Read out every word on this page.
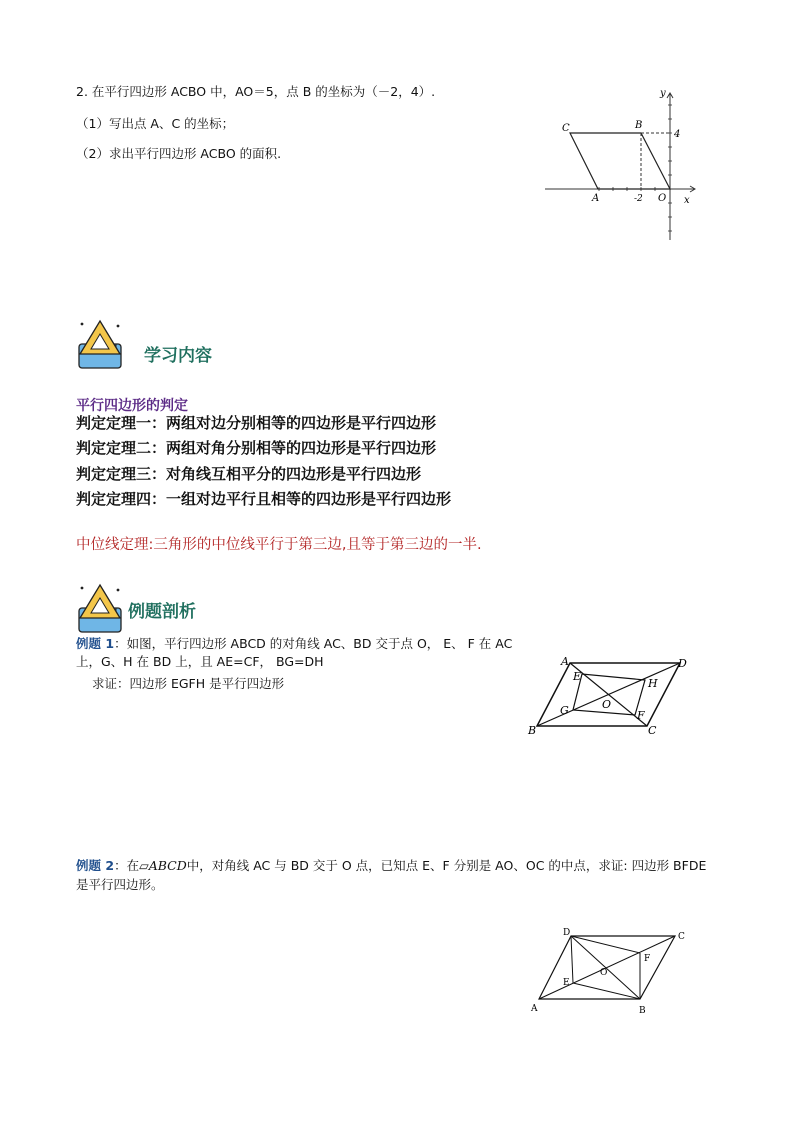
2. 在平行四边形 ACBO 中，AO＝5，点 B 的坐标为（－2，4）.
（1）写出点 A、C 的坐标；
（2）求出平行四边形 ACBO 的面积.
C	B
A	O x
y
4
-2
学习内容
平行四边形的判定
判定定理一：两组对边分别相等的四边形是平行四边形
判定定理二：两组对角分别相等的四边形是平行四边形
判定定理三：对角线互相平分的四边形是平行四边形
判定定理四：一组对边平行且相等的四边形是平行四边形
中位线定理:三角形的中位线平行于第三边,且等于第三边的一半.
例题剖析
例题 1：如图，平行四边形 ABCD 的对角线 AC、BD 交于点 O， E、 F 在 AC
上，G、H 在 BD 上，且 AE=CF， BG=DH
求证：四边形 EGFH 是平行四边形
A	D
B	C
E
F
G
H
O
例题 2：在▱ABCD中，对角线 AC 与 BD 交于 O 点，已知点 E、F 分别是 AO、OC 的中点，求证: 四边形 BFDE
是平行四边形。
D	C
A	B
E
F
O
